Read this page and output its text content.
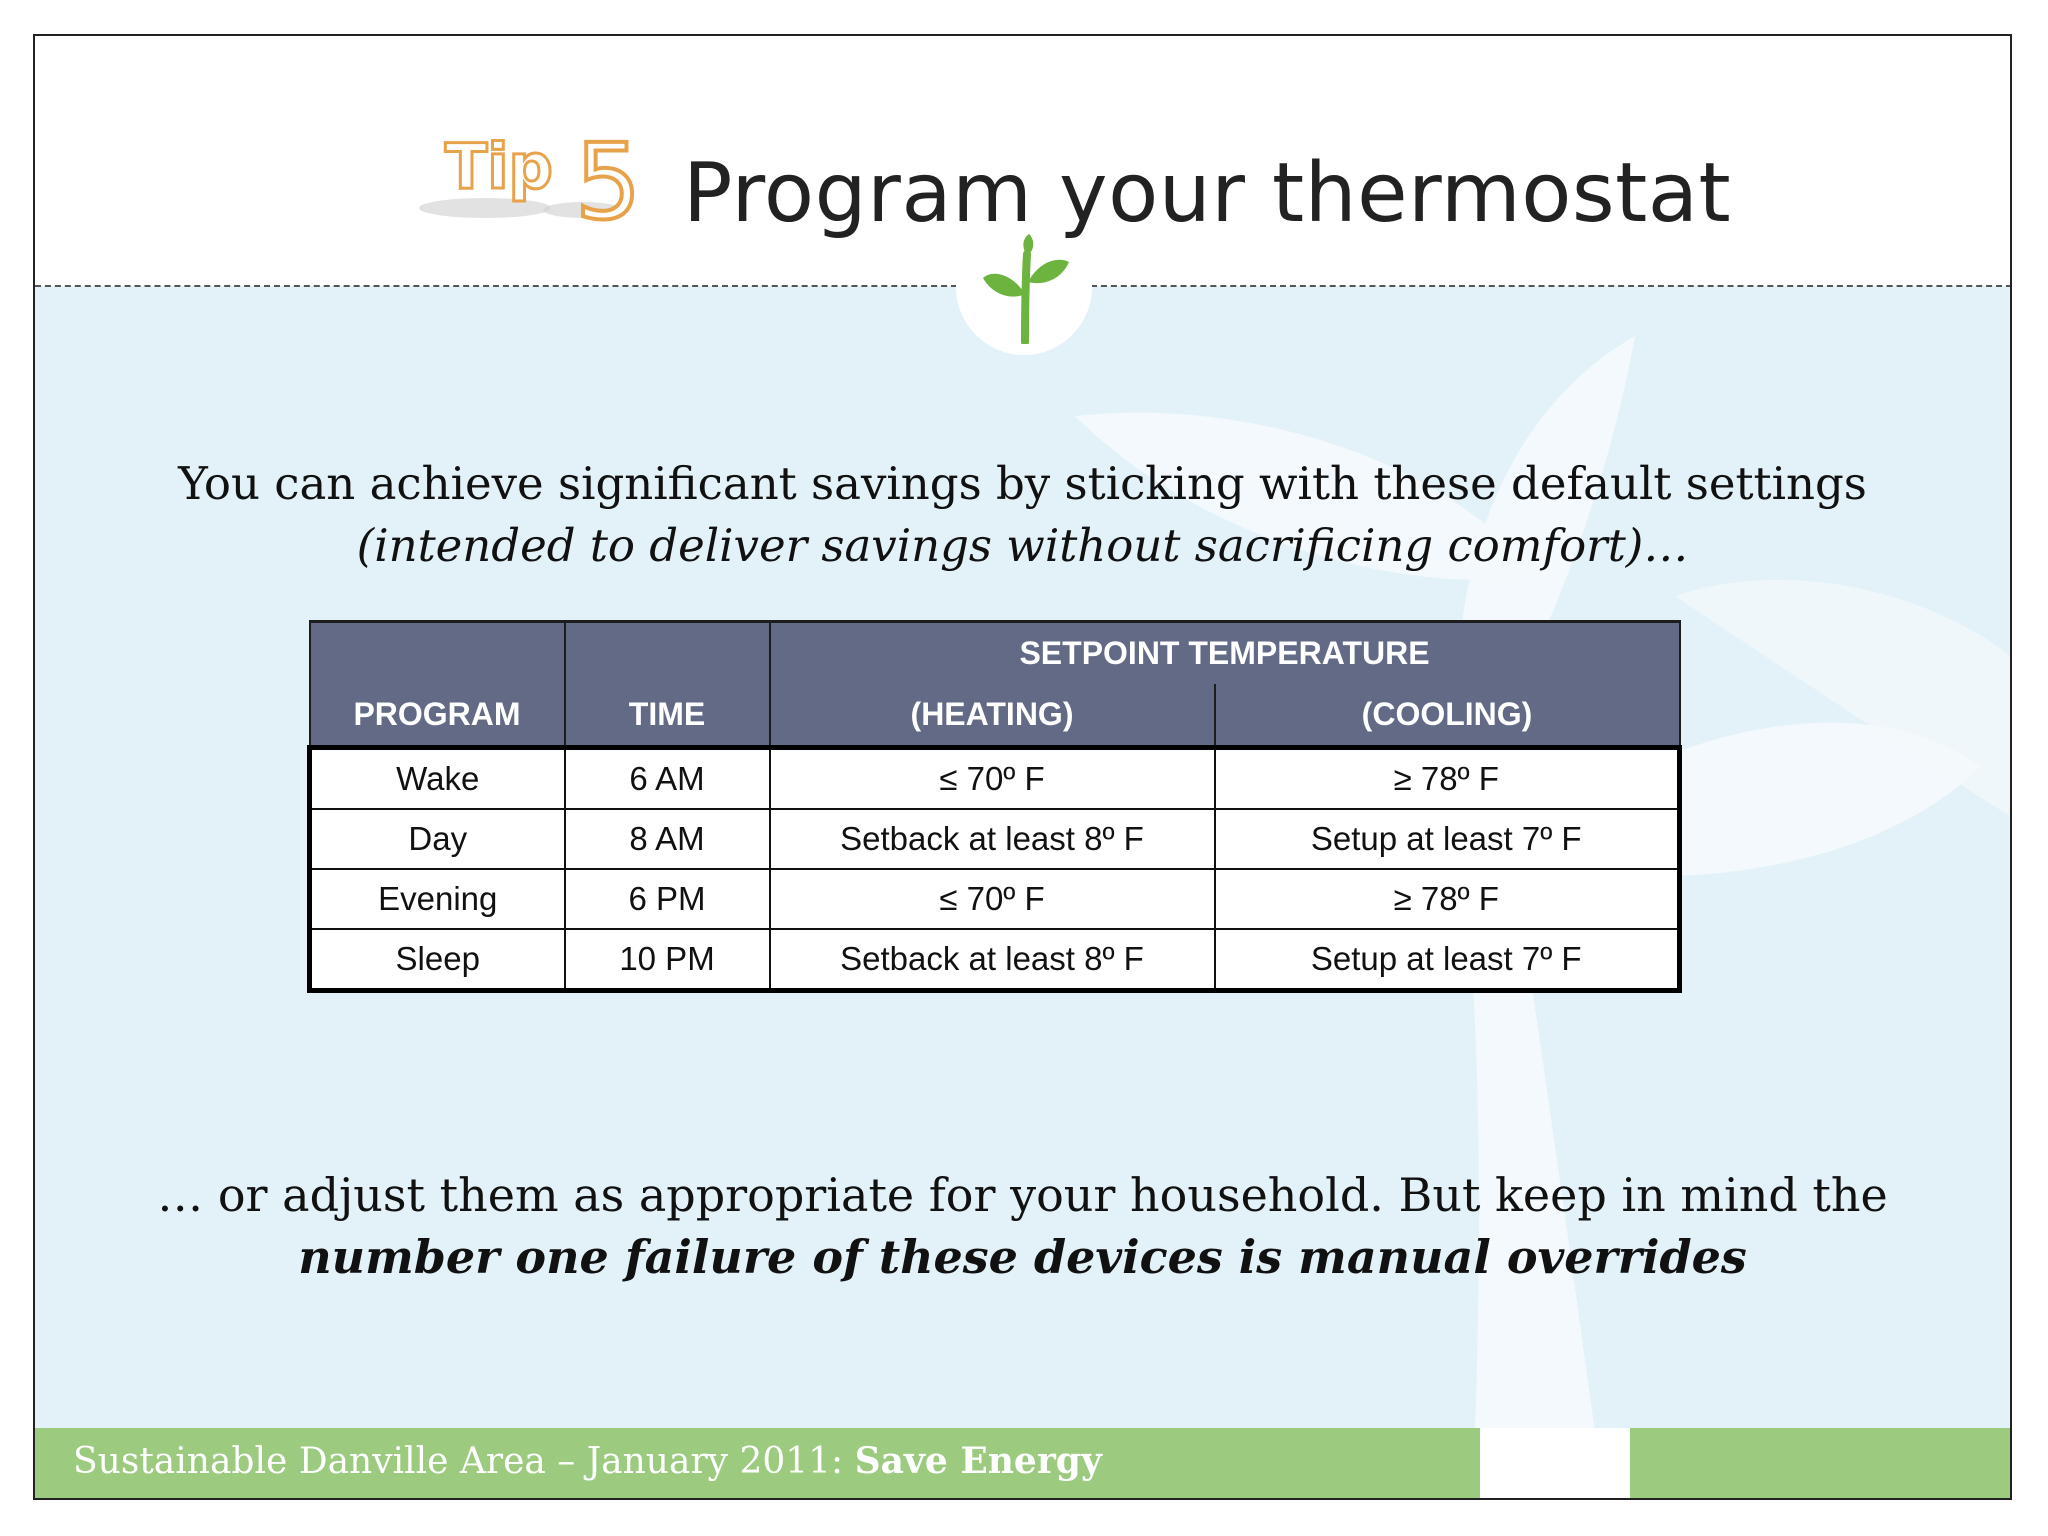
Tip 5 Program your thermostat
You can achieve significant savings by sticking with these default settings
(intended to deliver savings without sacrificing comfort)…
		SETPOINT TEMPERATURE	
PROGRAM	TIME	(HEATING)	(COOLING)
Wake	6 AM	≤ 70º F	≥ 78º F
Day	8 AM	Setback at least 8º F	Setup at least 7º F
Evening	6 PM	≤ 70º F	≥ 78º F
Sleep	10 PM	Setback at least 8º F	Setup at least 7º F
… or adjust them as appropriate for your household. But keep in mind the
number one failure of these devices is manual overrides
Sustainable Danville Area – January 2011: Save Energy
